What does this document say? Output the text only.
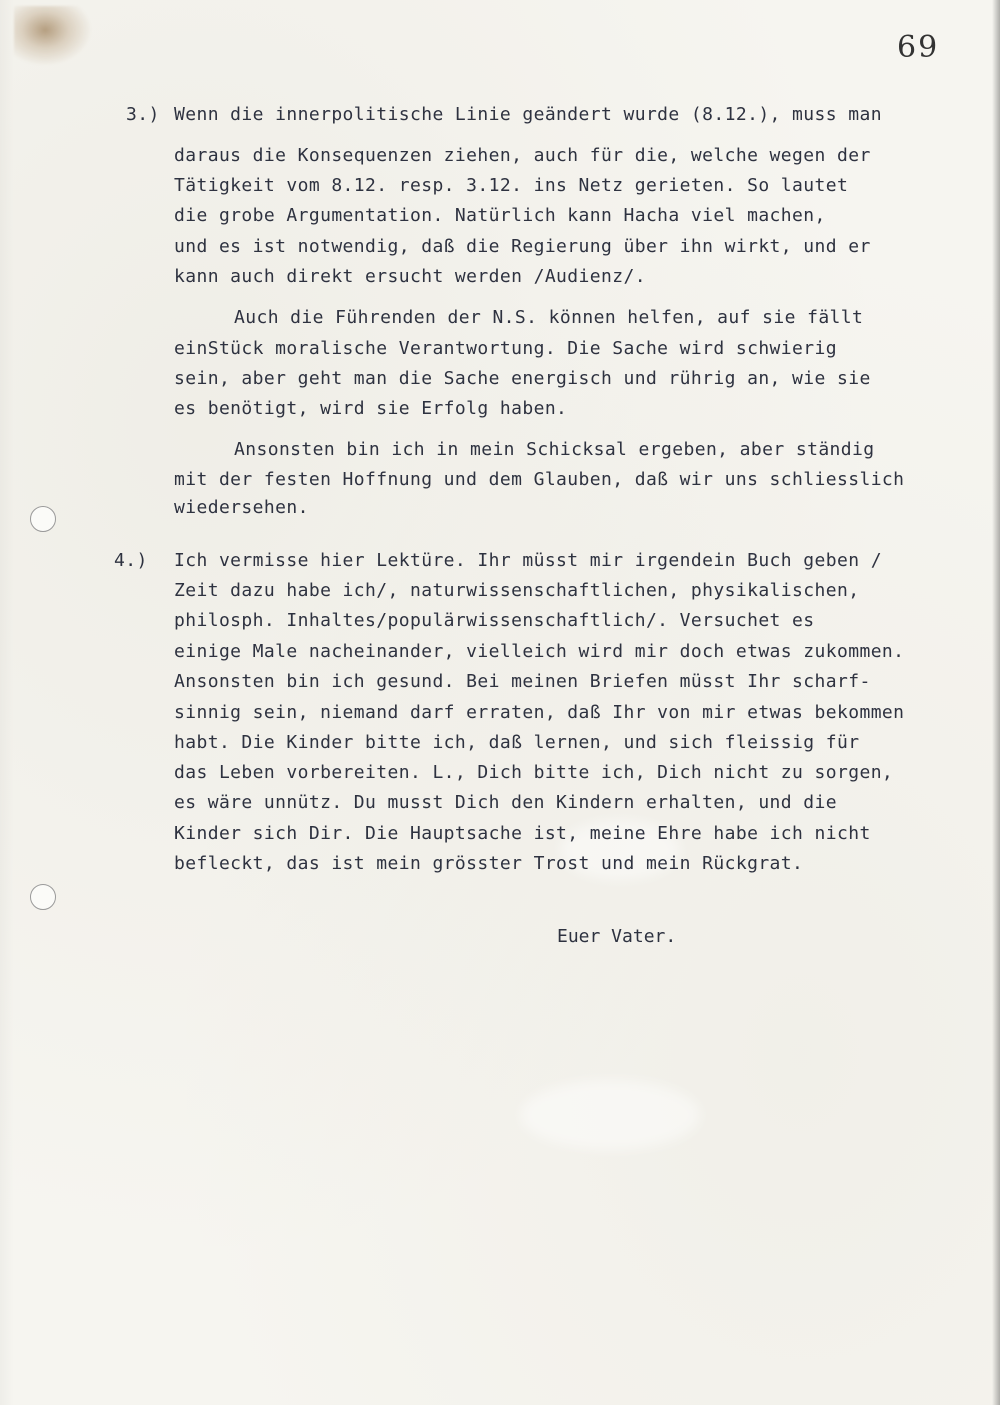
69
3.) Wenn die innerpolitische Linie geändert wurde (8.12.), muss man
daraus die Konsequenzen ziehen, auch für die, welche wegen der
Tätigkeit vom 8.12. resp. 3.12. ins Netz gerieten. So lautet
die grobe Argumentation. Natürlich kann Hacha viel machen,
und es ist notwendig, daß die Regierung über ihn wirkt, und er
kann auch direkt ersucht werden /Audienz/.
Auch die Führenden der N.S. können helfen, auf sie fällt
einStück moralische Verantwortung. Die Sache wird schwierig
sein, aber geht man die Sache energisch und rührig an, wie sie
es benötigt, wird sie Erfolg haben.
Ansonsten bin ich in mein Schicksal ergeben, aber ständig
mit der festen Hoffnung und dem Glauben, daß wir uns schliesslich
wiedersehen.
4.) Ich vermisse hier Lektüre. Ihr müsst mir irgendein Buch geben /
Zeit dazu habe ich/, naturwissenschaftlichen, physikalischen,
philosph. Inhaltes/populärwissenschaftlich/. Versuchet es
einige Male nacheinander, vielleich wird mir doch etwas zukommen.
Ansonsten bin ich gesund. Bei meinen Briefen müsst Ihr scharf-
sinnig sein, niemand darf erraten, daß Ihr von mir etwas bekommen
habt. Die Kinder bitte ich, daß lernen, und sich fleissig für
das Leben vorbereiten. L., Dich bitte ich, Dich nicht zu sorgen,
es wäre unnütz. Du musst Dich den Kindern erhalten, und die
Kinder sich Dir. Die Hauptsache ist, meine Ehre habe ich nicht
befleckt, das ist mein grösster Trost und mein Rückgrat.
Euer Vater.
